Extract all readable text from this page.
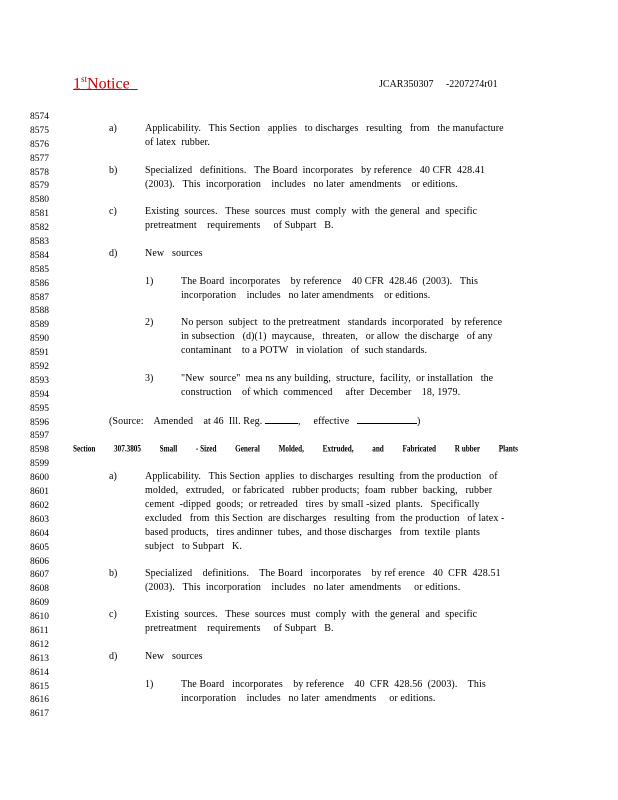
1stNotice	JCAR350307     -2207274r01
8574
8575
8576
8577
8578
8579
8580
8581
8582
8583
8584
8585
8586
8587
8588
8589
8590
8591
8592
8593
8594
8595
8596
8597
8598
8599
8600
8601
8602
8603
8604
8605
8606
8607
8608
8609
8610
8611
8612
8613
8614
8615
8616
8617
a)	Applicability.   This Section   applies   to discharges   resulting   from   the manufacture
of latex  rubber.
b)	Specialized   definitions.   The Board  incorporates   by reference   40 CFR  428.41
(2003).   This  incorporation    includes   no later  amendments    or editions.
c)	Existing  sources.   These  sources  must  comply  with  the general  and  specific
pretreatment    requirements     of Subpart   B.
d)	New   sources
1)	The Board  incorporates    by reference    40 CFR  428.46  (2003).   This
incorporation    includes   no later amendments    or editions.
2)	No person  subject  to the pretreatment   standards  incorporated   by reference
in subsection   (d)(1)  maycause,   threaten,   or allow  the discharge   of any
contaminant    to a POTW   in violation   of  such standards.
3)	"New  source"  mea ns any building,  structure,  facility,  or installation   the
construction    of which  commenced     after  December    18, 1979.
(Source:    Amended    at 46  Ill. Reg.	,     effective	)
Section	307.3805	Small	- Sized	General	Molded,	Extruded,	and	Fabricated	R ubber	Plants
a)	Applicability.   This Section  applies  to discharges  resulting  from the production   of
molded,   extruded,   or fabricated   rubber products;  foam  rubber  backing,   rubber
cement  -dipped  goods;  or retreaded   tires  by small -sized  plants.   Specifically
excluded   from  this Section  are discharges   resulting  from  the production   of latex -
based products,   tires andinner  tubes,  and those discharges   from  textile  plants
subject   to Subpart   K.
b)	Specialized    definitions.    The Board   incorporates    by ref erence   40  CFR  428.51
(2003).   This  incorporation    includes   no later  amendments     or editions.
c)	Existing  sources.   These  sources  must  comply  with  the general  and  specific
pretreatment    requirements     of Subpart   B.
d)	New   sources
1)	The Board   incorporates    by reference    40  CFR  428.56  (2003).    This
incorporation    includes   no later  amendments     or editions.
